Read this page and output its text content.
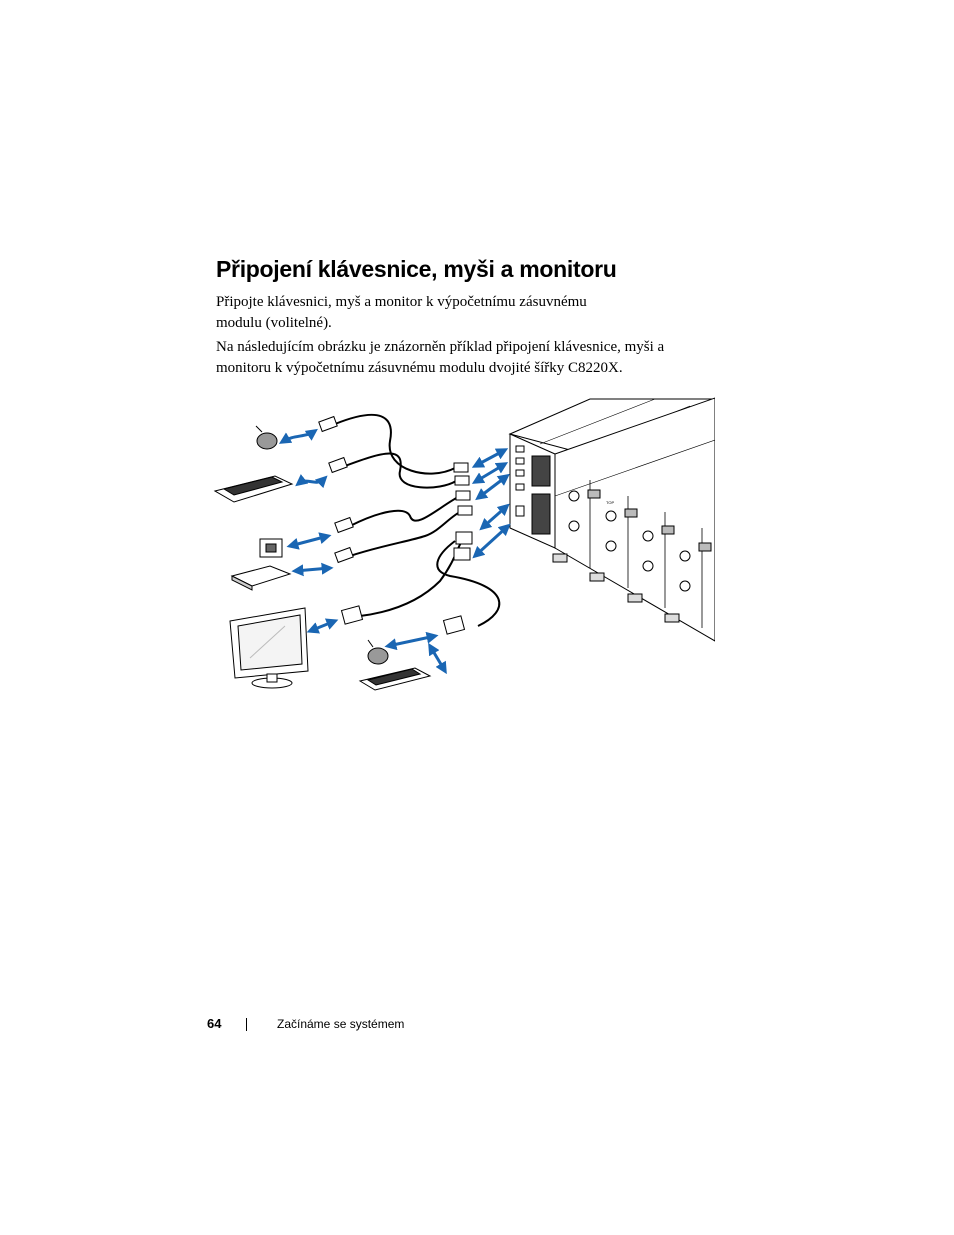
Připojení klávesnice, myši a monitoru

Připojte klávesnici, myš a monitor k výpočetnímu zásuvnému
modulu (volitelné).

Na následujícím obrázku je znázorněn příklad připojení klávesnice, myši a
monitoru k výpočetnímu zásuvnému modulu dvojité šířky C8220X.

TOP
64	Začínáme se systémem
